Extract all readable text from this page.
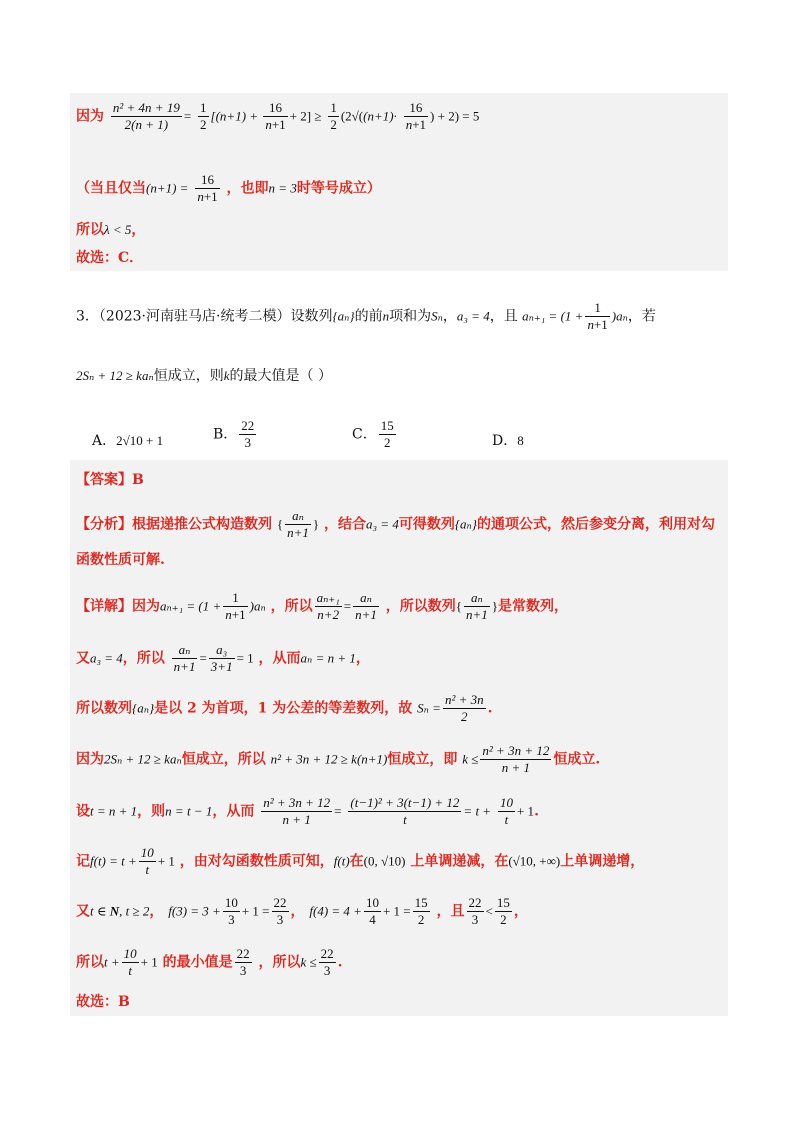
因为 $\frac{\text{n² + 4n + 19}}{2(n + 1)} = \frac{1}{2} [(n+1) + \frac{16}{n+1} + 2] \ge \frac{1}{2} (2√((n+1)\cdot \frac{16}{n+1}$ ) + 2) = 5
（当且仅当$(n+1) = \frac{16}{n+1}$ ，也即n = 3时等号成立）
所以λ < 5，
故选：C．
3．（2023·河南驻马店·统考二模）设数列{aₙ}的前n项和为Sₙ，a₃ = 4，且 $a_{n+1} = (1 + \frac{1}{n+1} )a_n$，若
2Sₙ + 12 ≥ kaₙ恒成立，则k的最大值是（ ）
A．2√10 + 1	B． $\frac{22}{3}$	C． $\frac{15}{2}$	D．8
【答案】B
【分析】根据递推公式构造数列 { $\frac{\text{aₙ}}{n+1}$ } ，结合a₃ = 4可得数列{aₙ}的通项公式，然后参变分离，利用对勾
函数性质可解.
【详解】因为$a_{n+1} = (1 + \frac{1}{n+1} )a_n$ ，所以 $\frac{\text{aₙ₊₁}}{n+2} = \frac{\text{aₙ}}{n+1}$ ，所以数列{ $\frac{\text{aₙ}}{n+1}$ }是常数列，
又a₃ = 4，所以 $\frac{\text{aₙ}}{n+1} = \frac{\text{a₃}}{3+1} = 1$ ，从而aₙ = n + 1，
所以数列{aₙ}是以 2 为首项，1 为公差的等差数列，故 $S_n = \frac{\text{n² + 3n}}{2}$ .
因为2Sₙ + 12 ≥ kaₙ恒成立，所以 n² + 3n + 12 ≥ k(n+1)恒成立，即 $k \le \frac{\text{n² + 3n + 12}}{n + 1}$ 恒成立.
设t = n + 1，则n = t − 1，从而 $\frac{\text{n² + 3n + 12}}{n + 1} = \frac{\text{(t−1)² + 3(t−1) + 12}}{t} = t + \frac{10}{t} + 1$.
记$f(t) = t + \frac{10}{t} + 1$ ，由对勾函数性质可知，f(t)在(0, √10) 上单调递减，在(√10, +∞)上单调递增，
又t ∈ N, t ≥ 2， $f(3) = 3 + \frac{10}{3} + 1 = \frac{22}{3}$ ， $f(4) = 4 + \frac{10}{4} + 1 = \frac{15}{2}$ ，且 $\frac{22}{3} < \frac{15}{2}$ ，
所以$t + \frac{10}{t} + 1$ 的最小值是 $\frac{22}{3}$ ，所以$k \le \frac{22}{3}$ .
故选：B
